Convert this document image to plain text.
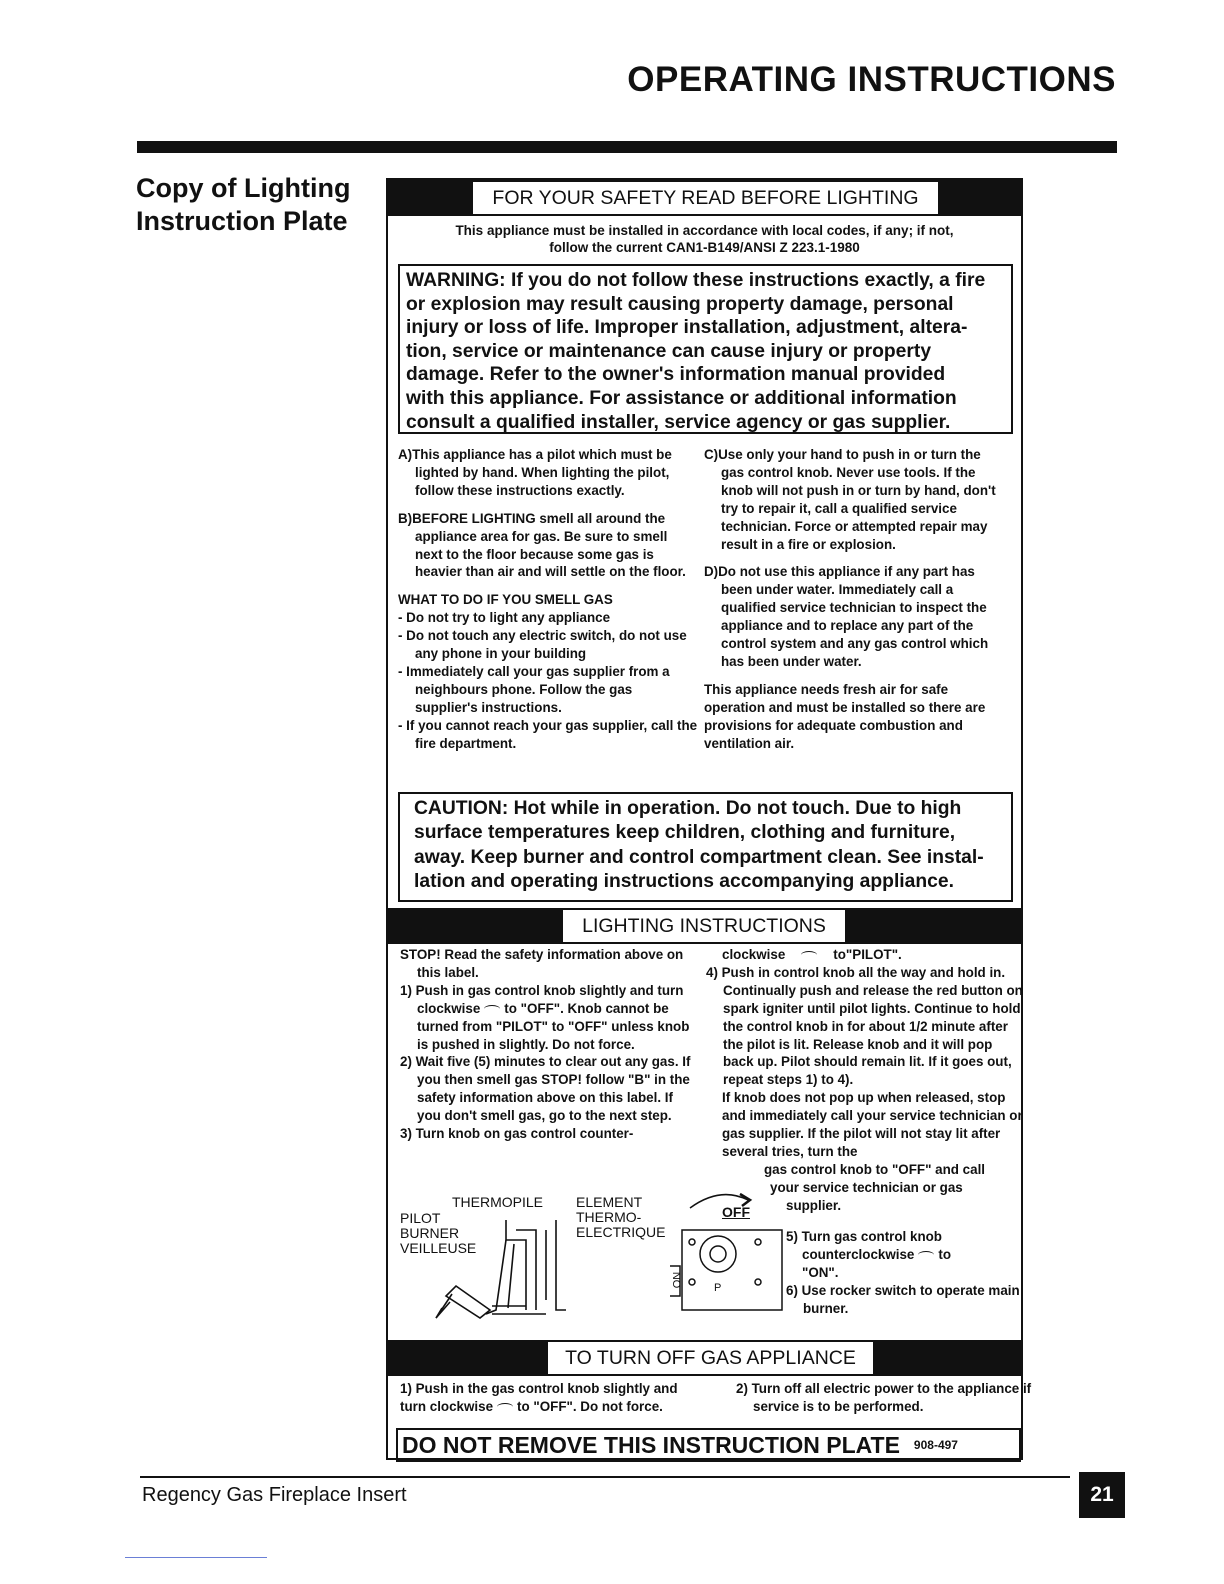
OPERATING INSTRUCTIONS
Copy of Lighting Instruction Plate
FOR YOUR SAFETY READ BEFORE LIGHTING
This appliance must be installed in accordance with local codes, if any; if not,
follow the current CAN1-B149/ANSI Z 223.1-1980
WARNING: If you do not follow these instructions exactly, a fire
or explosion may result causing property damage, personal
injury or loss of life. Improper installation, adjustment, altera-
tion, service or maintenance can cause injury or property
damage. Refer to the owner's information manual provided
with this appliance. For assistance or additional information
consult a qualified installer, service agency or gas supplier.

A)This appliance has a pilot which must be lighted by hand. When lighting the pilot, follow these instructions exactly.

B)BEFORE LIGHTING smell all around the appliance area for gas. Be sure to smell next to the floor because some gas is heavier than air and will settle on the floor.

WHAT TO DO IF YOU SMELL GAS

- Do not try to light any appliance

- Do not touch any electric switch, do not use any phone in your building

- Immediately call your gas supplier from a neighbours phone. Follow the gas supplier's instructions.

- If you cannot reach your gas supplier, call the fire department.

C)Use only your hand to push in or turn the gas control knob. Never use tools. If the knob will not push in or turn by hand, don't try to repair it, call a qualified service technician. Force or attempted repair may result in a fire or explosion.

D)Do not use this appliance if any part has been under water. Immediately call a qualified service technician to inspect the appliance and to replace any part of the control system and any gas control which has been under water.

This appliance needs fresh air for safe operation and must be installed so there are provisions for adequate combustion and ventilation air.

CAUTION: Hot while in operation. Do not touch. Due to high
surface temperatures keep children, clothing and furniture,
away. Keep burner and control compartment clean. See instal-
lation and operating instructions accompanying appliance.
LIGHTING INSTRUCTIONS

STOP! Read the safety information above on this label.

1) Push in gas control knob slightly and turn clockwise to "OFF". Knob cannot be turned from "PILOT" to "OFF" unless knob is pushed in slightly. Do not force.

2) Wait five (5) minutes to clear out any gas. If you then smell gas STOP! follow "B" in the safety information above on this label. If you don't smell gas, go to the next step.

3) Turn knob on gas control counter-

clockwise	to"PILOT".

4) Push in control knob all the way and hold in. Continually push and release the red button on spark igniter until pilot lights. Continue to hold the control knob in for about 1/2 minute after the pilot is lit. Release knob and it will pop back up. Pilot should remain lit. If it goes out, repeat steps 1) to 4).

If knob does not pop up when released, stop and immediately call your service technician or gas supplier. If the pilot will not stay lit after several tries, turn the

gas control knob to "OFF" and call

your service technician or gas

supplier.

5) Turn gas control knob

counterclockwise to

"ON".

6) Use rocker switch to operate main burner.

THERMOPILE ELEMENT
THERMO-
ELECTRIQUE
PILOT
BURNER
VEILLEUSE
OFF
ON	P
TO TURN OFF GAS APPLIANCE

1) Push in the gas control knob slightly and

turn clockwise to "OFF". Do not force.

2) Turn off all electric power to the appliance if service is to be performed.
DO NOT REMOVE THIS INSTRUCTION PLATE 908-497
Regency Gas Fireplace Insert	21
